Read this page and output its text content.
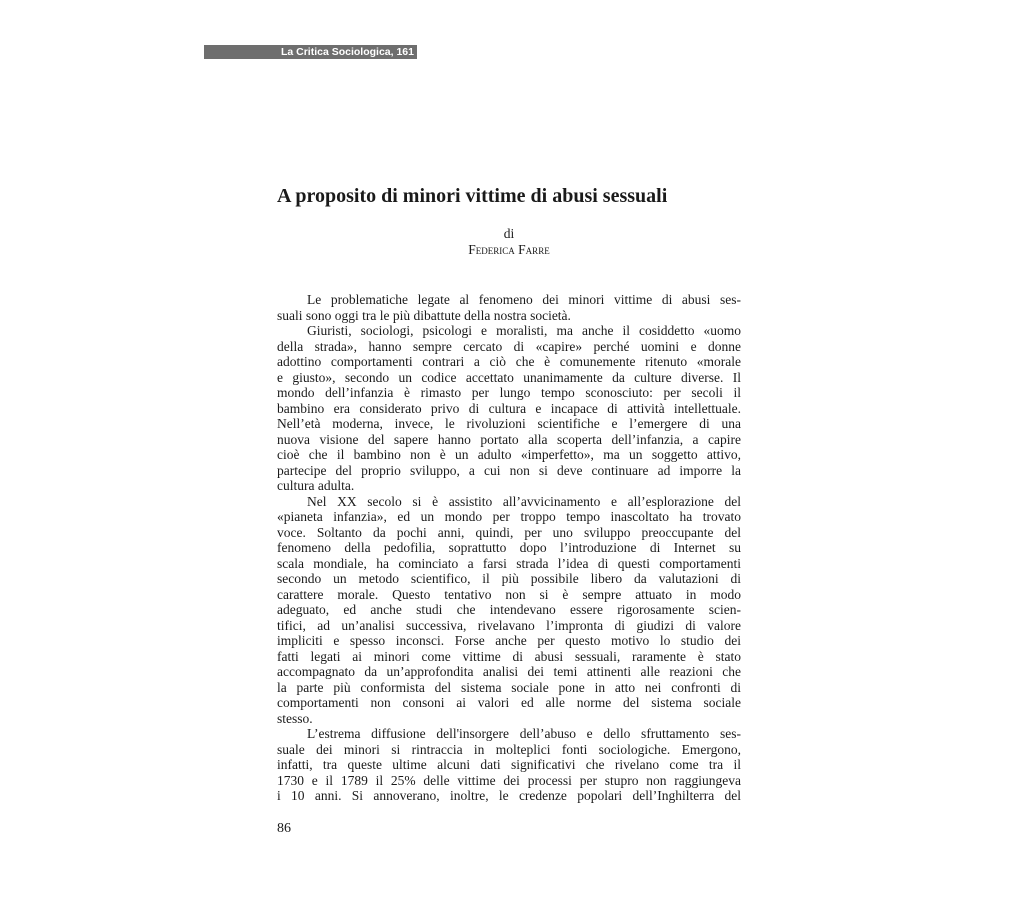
La Critica Sociologica, 161
A proposito di minori vittime di abusi sessuali
di
Federica Farre
Le problematiche legate al fenomeno dei minori vittime di abusi ses-
suali sono oggi tra le più dibattute della nostra società.
Giuristi, sociologi, psicologi e moralisti, ma anche il cosiddetto «uomo
della strada», hanno sempre cercato di «capire» perché uomini e donne
adottino comportamenti contrari a ciò che è comunemente ritenuto «morale
e giusto», secondo un codice accettato unanimamente da culture diverse. Il
mondo dell’infanzia è rimasto per lungo tempo sconosciuto: per secoli il
bambino era considerato privo di cultura e incapace di attività intellettuale.
Nell’età moderna, invece, le rivoluzioni scientifiche e l’emergere di una
nuova visione del sapere hanno portato alla scoperta dell’infanzia, a capire
cioè che il bambino non è un adulto «imperfetto», ma un soggetto attivo,
partecipe del proprio sviluppo, a cui non si deve continuare ad imporre la
cultura adulta.
Nel XX secolo si è assistito all’avvicinamento e all’esplorazione del
«pianeta infanzia», ed un mondo per troppo tempo inascoltato ha trovato
voce. Soltanto da pochi anni, quindi, per uno sviluppo preoccupante del
fenomeno della pedofilia, soprattutto dopo l’introduzione di Internet su
scala mondiale, ha cominciato a farsi strada l’idea di questi comportamenti
secondo un metodo scientifico, il più possibile libero da valutazioni di
carattere morale. Questo tentativo non si è sempre attuato in modo
adeguato, ed anche studi che intendevano essere rigorosamente scien-
tifici, ad un’analisi successiva, rivelavano l’impronta di giudizi di valore
impliciti e spesso inconsci. Forse anche per questo motivo lo studio dei
fatti legati ai minori come vittime di abusi sessuali, raramente è stato
accompagnato da un’approfondita analisi dei temi attinenti alle reazioni che
la parte più conformista del sistema sociale pone in atto nei confronti di
comportamenti non consoni ai valori ed alle norme del sistema sociale
stesso.
L’estrema diffusione dell'insorgere dell’abuso e dello sfruttamento ses-
suale dei minori si rintraccia in molteplici fonti sociologiche. Emergono,
infatti, tra queste ultime alcuni dati significativi che rivelano come tra il
1730 e il 1789 il 25% delle vittime dei processi per stupro non raggiungeva
i 10 anni. Si annoverano, inoltre, le credenze popolari dell’Inghilterra del
86
